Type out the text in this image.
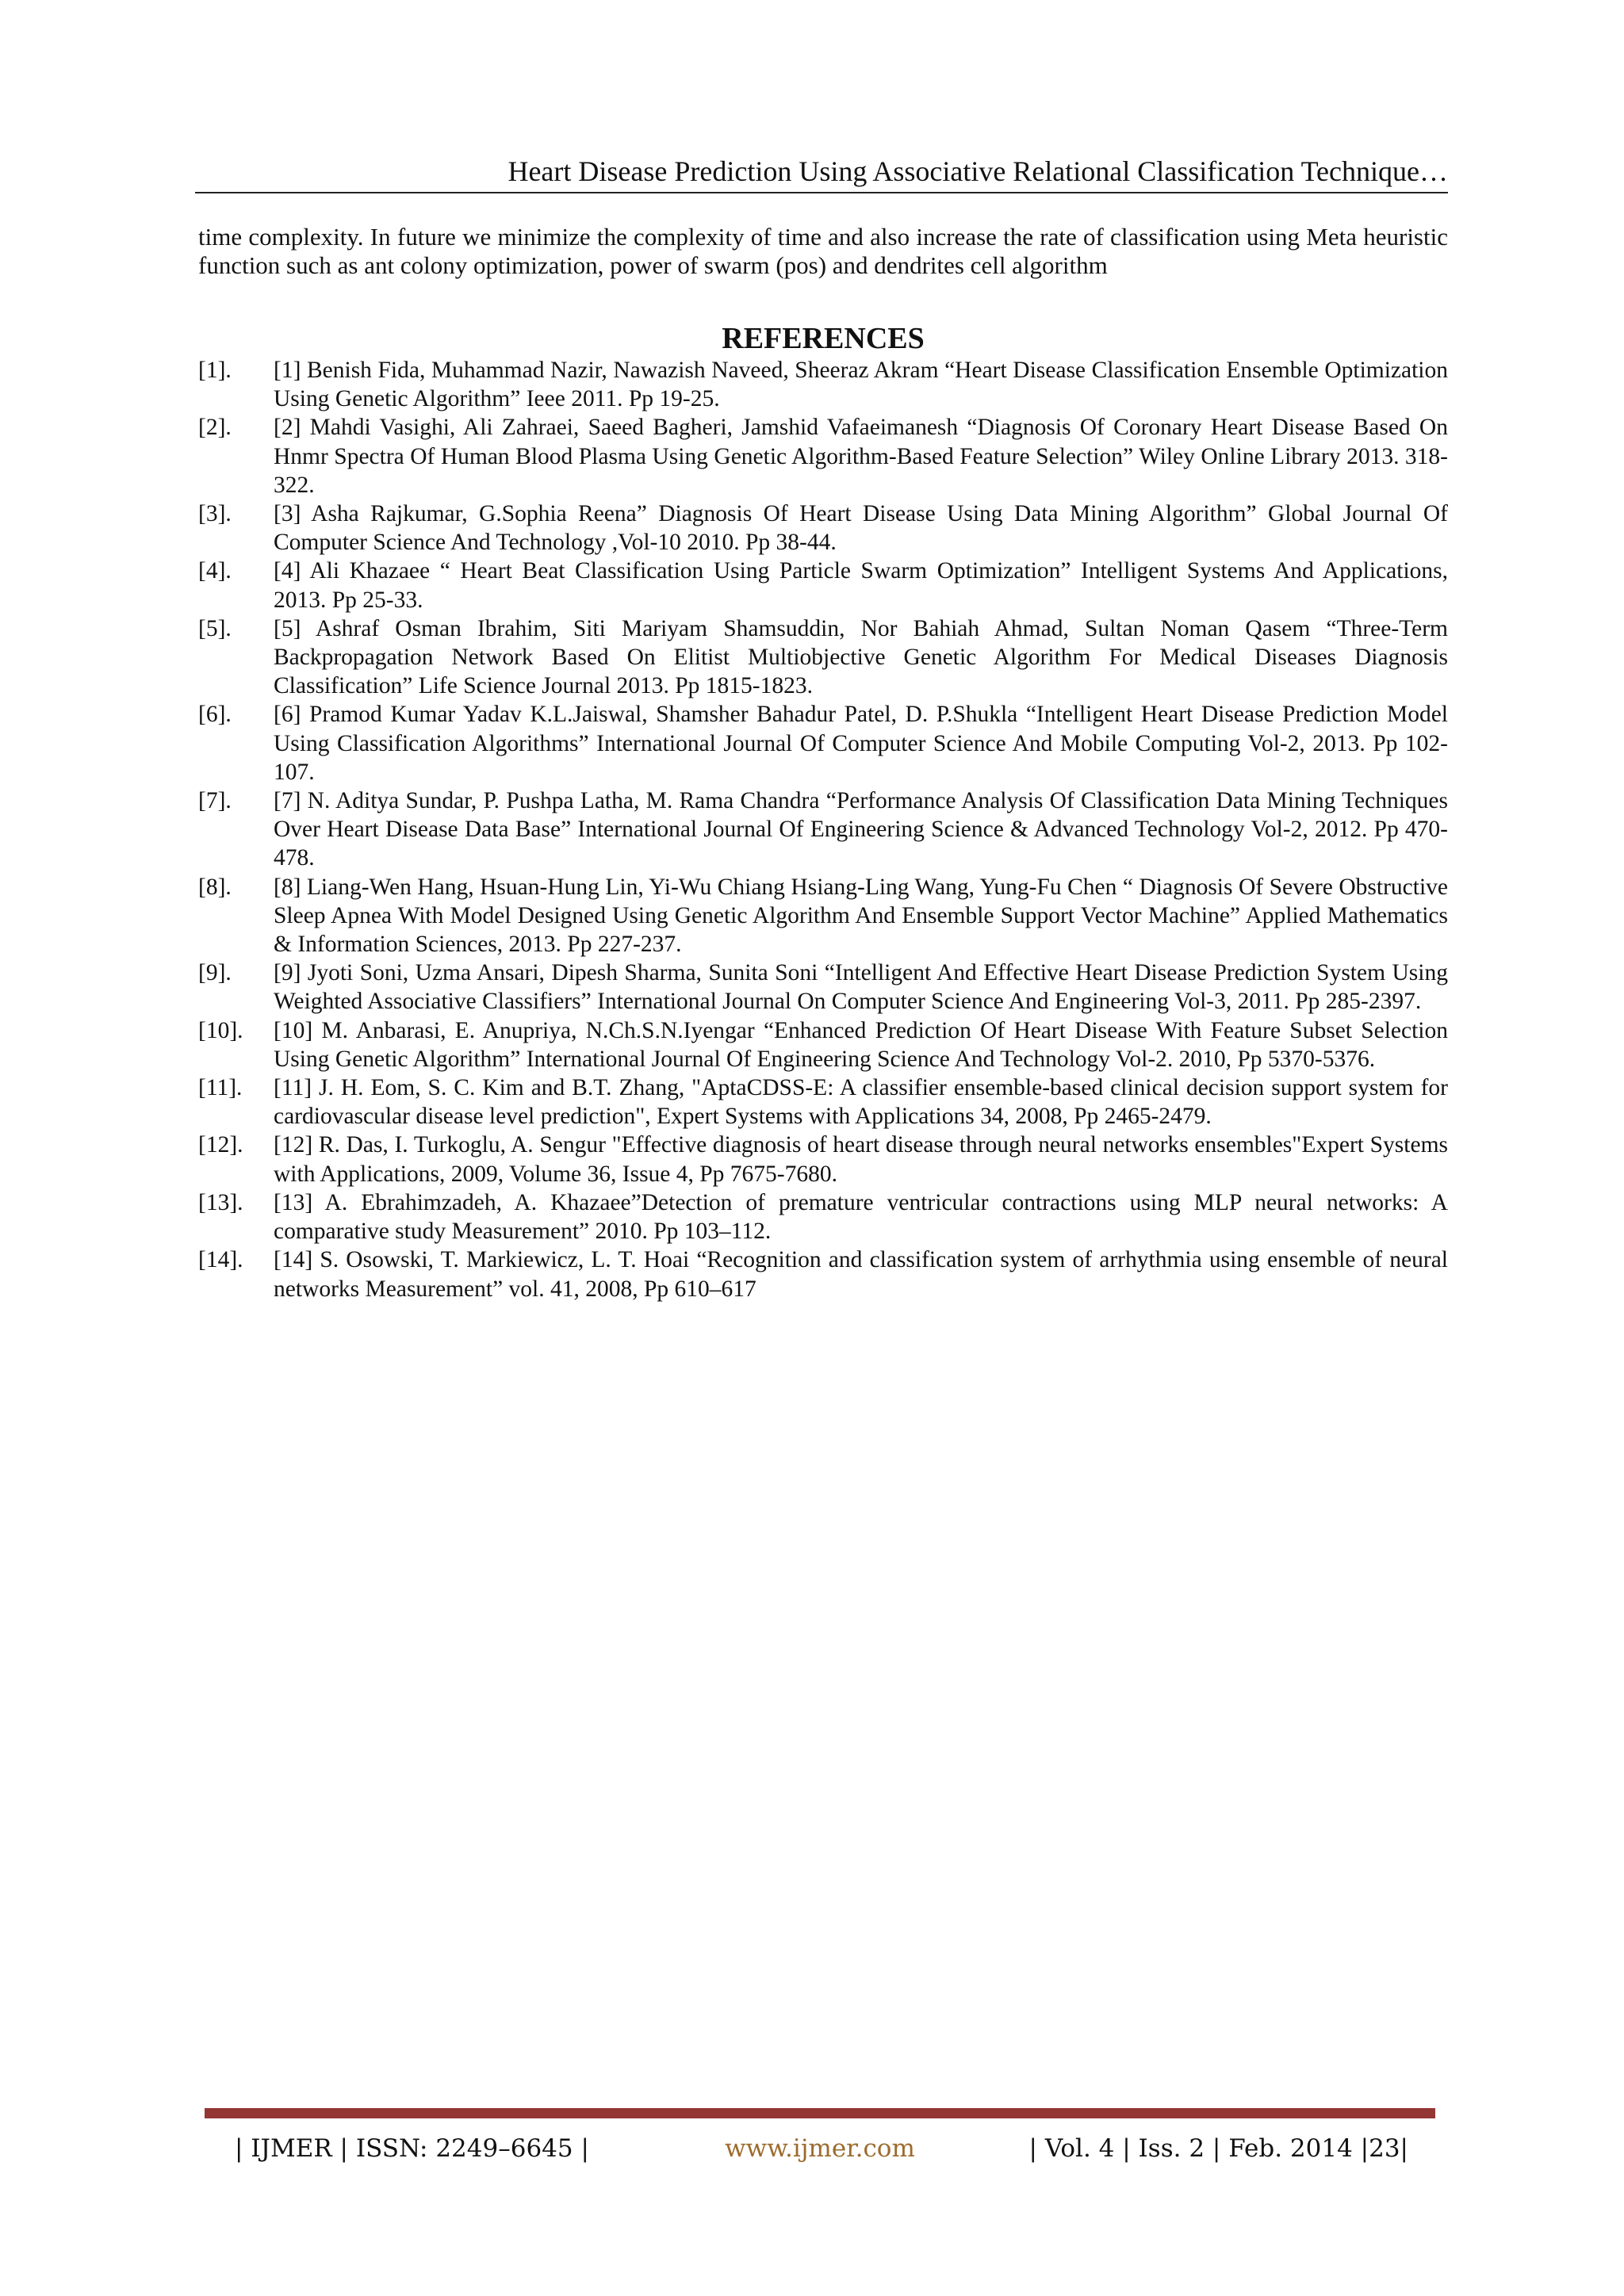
Heart Disease Prediction Using Associative Relational Classification Technique…

time complexity. In future we minimize the complexity of time and also increase the rate of classification using Meta heuristic function such as ant colony optimization, power of swarm (pos) and dendrites cell algorithm

REFERENCES
[1].	[1] Benish Fida, Muhammad Nazir, Nawazish Naveed, Sheeraz Akram “Heart Disease Classification Ensemble Optimization Using Genetic Algorithm” Ieee 2011. Pp 19-25.
[2].	[2] Mahdi Vasighi, Ali Zahraei, Saeed Bagheri, Jamshid Vafaeimanesh “Diagnosis Of Coronary Heart Disease Based On Hnmr Spectra Of Human Blood Plasma Using Genetic Algorithm-Based Feature Selection” Wiley Online Library 2013. 318-322.
[3].	[3] Asha Rajkumar, G.Sophia Reena” Diagnosis Of Heart Disease Using Data Mining Algorithm” Global Journal Of Computer Science And Technology ,Vol-10 2010. Pp 38-44.
[4].	[4] Ali Khazaee “ Heart Beat Classification Using Particle Swarm Optimization” Intelligent Systems And Applications, 2013. Pp 25-33.
[5].	[5] Ashraf Osman Ibrahim, Siti Mariyam Shamsuddin, Nor Bahiah Ahmad, Sultan Noman Qasem “Three-Term Backpropagation Network Based On Elitist Multiobjective Genetic Algorithm For Medical Diseases Diagnosis Classification” Life Science Journal 2013. Pp 1815-1823.
[6].	[6] Pramod Kumar Yadav K.L.Jaiswal, Shamsher Bahadur Patel, D. P.Shukla “Intelligent Heart Disease Prediction Model Using Classification Algorithms” International Journal Of Computer Science And Mobile Computing Vol-2, 2013. Pp 102-107.
[7].	[7] N. Aditya Sundar, P. Pushpa Latha, M. Rama Chandra “Performance Analysis Of Classification Data Mining Techniques Over Heart Disease Data Base” International Journal Of Engineering Science & Advanced Technology Vol-2, 2012. Pp 470-478.
[8].	[8] Liang-Wen Hang, Hsuan-Hung Lin, Yi-Wu Chiang Hsiang-Ling Wang, Yung-Fu Chen “ Diagnosis Of Severe Obstructive Sleep Apnea With Model Designed Using Genetic Algorithm And Ensemble Support Vector Machine” Applied Mathematics & Information Sciences, 2013. Pp 227-237.
[9].	[9] Jyoti Soni, Uzma Ansari, Dipesh Sharma, Sunita Soni “Intelligent And Effective Heart Disease Prediction System Using Weighted Associative Classifiers” International Journal On Computer Science And Engineering Vol-3, 2011. Pp 285-2397.
[10].	[10] M. Anbarasi, E. Anupriya, N.Ch.S.N.Iyengar “Enhanced Prediction Of Heart Disease With Feature Subset Selection Using Genetic Algorithm” International Journal Of Engineering Science And Technology Vol-2. 2010, Pp 5370-5376.
[11].	[11] J. H. Eom, S. C. Kim and B.T. Zhang, "AptaCDSS-E: A classifier ensemble-based clinical decision support system for cardiovascular disease level prediction", Expert Systems with Applications 34, 2008, Pp 2465-2479.
[12].	[12] R. Das, I. Turkoglu, A. Sengur "Effective diagnosis of heart disease through neural networks ensembles"Expert Systems with Applications, 2009, Volume 36, Issue 4, Pp 7675-7680.
[13].	[13] A. Ebrahimzadeh, A. Khazaee”Detection of premature ventricular contractions using MLP neural networks: A comparative study Measurement” 2010. Pp 103–112.
[14].	[14] S. Osowski, T. Markiewicz, L. T. Hoai “Recognition and classification system of arrhythmia using ensemble of neural networks Measurement” vol. 41, 2008, Pp 610–617
| IJMER | ISSN: 2249–6645 |	www.ijmer.com	| Vol. 4 | Iss. 2 | Feb. 2014 |23|
